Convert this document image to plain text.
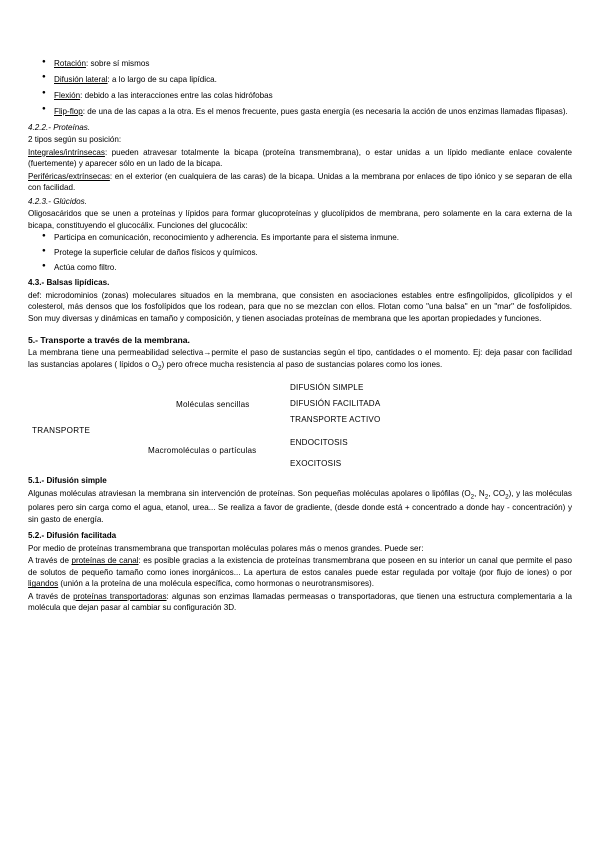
● Rotación: sobre sí mismos
● Difusión lateral: a lo largo de su capa lipídica.
● Flexión: debido a las interacciones entre las colas hidrófobas
● Flip-flop: de una de las capas a la otra. Es el menos frecuente, pues gasta energía (es necesaria la acción de unos enzimas llamadas flipasas).

4.2.2.- Proteínas.

2 tipos según su posición:

Integrales/intrínsecas: pueden atravesar totalmente la bicapa (proteína transmembrana), o estar unidas a un lípido mediante enlace covalente (fuertemente) y aparecer sólo en un lado de la bicapa.

Periféricas/extrínsecas: en el exterior (en cualquiera de las caras) de la bicapa. Unidas a la membrana por enlaces de tipo iónico y se separan de ella con facilidad.

4.2.3.- Glúcidos.

Oligosacáridos que se unen a proteínas y lípidos para formar glucoproteínas y glucolípidos de membrana, pero solamente en la cara externa de la bicapa, constituyendo el glucocálix. Funciones del glucocálix:

● Participa en comunicación, reconocimiento y adherencia. Es importante para el sistema inmune.
● Protege la superficie celular de daños físicos y químicos.
● Actúa como filtro.

4.3.- Balsas lipídicas.

def: microdominios (zonas) moleculares situados en la membrana, que consisten en asociaciones estables entre esfingolípidos, glicolípidos y el colesterol, más densos que los fosfolípidos que los rodean, para que no se mezclan con ellos. Flotan como "una balsa" en un "mar" de fosfolípidos. Son muy diversas y dinámicas en tamaño y composición, y tienen asociadas proteínas de membrana que les aportan propiedades y funciones.

5.- Transporte a través de la membrana.

La membrana tiene una permeabilidad selectiva→permite el paso de sustancias según el tipo, cantidades o el momento. Ej: deja pasar con facilidad las sustancias apolares ( lípidos o $O_2$) pero ofrece mucha resistencia al paso de sustancias polares como los iones.

TRANSPORTE
Moléculas sencillas
Macromoléculas o partículas
DIFUSIÓN SIMPLE
DIFUSIÓN FACILITADA
TRANSPORTE ACTIVO
ENDOCITOSIS
EXOCITOSIS

5.1.- Difusión simple

Algunas moléculas atraviesan la membrana sin intervención de proteínas. Son pequeñas moléculas apolares o lipófilas ($O_2$, $N_2$, $CO_2$), y las moléculas polares pero sin carga como el agua, etanol, urea... Se realiza a favor de gradiente, (desde donde está + concentrado a donde hay - concentración) y sin gasto de energía.

5.2.- Difusión facilitada

Por medio de proteínas transmembrana que transportan moléculas polares más o menos grandes. Puede ser:

A través de proteínas de canal: es posible gracias a la existencia de proteínas transmembrana que poseen en su interior un canal que permite el paso de solutos de pequeño tamaño como iones inorgánicos... La apertura de estos canales puede estar regulada por voltaje (por flujo de iones) o por ligandos (unión a la proteína de una molécula específica, como hormonas o neurotransmisores).

A través de proteínas transportadoras: algunas son enzimas llamadas permeasas o transportadoras, que tienen una estructura complementaria a la molécula que dejan pasar al cambiar su configuración 3D.
